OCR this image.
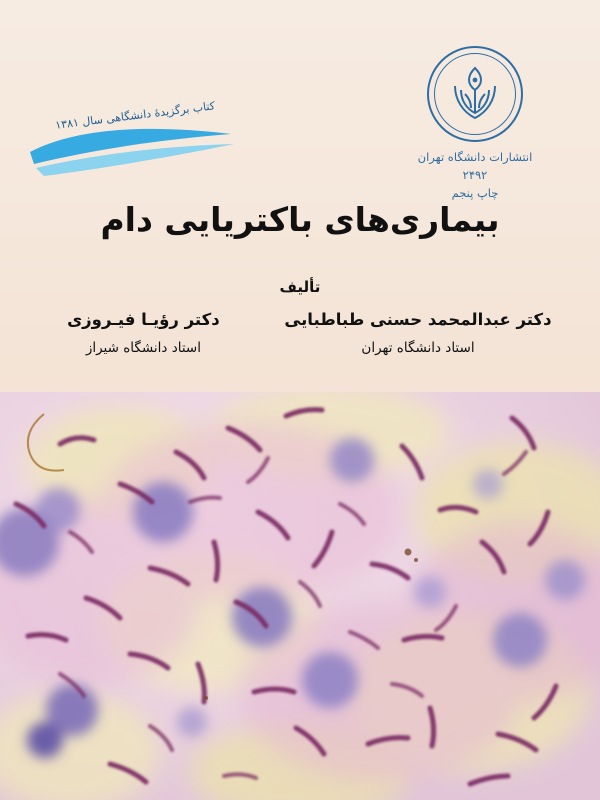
انتشارات دانشگاه تهران
۲۴۹۲
چاپ پنجم
کتاب برگزیدهٔ دانشگاهی سال ۱۳۸۱
بیماری‌های باکتریایی دام
تألیف
دکتر عبدالمحمد حسنی طباطبایی
استاد دانشگاه تهران
دکتر رؤیـا فیـروزی
استاد دانشگاه شیراز
